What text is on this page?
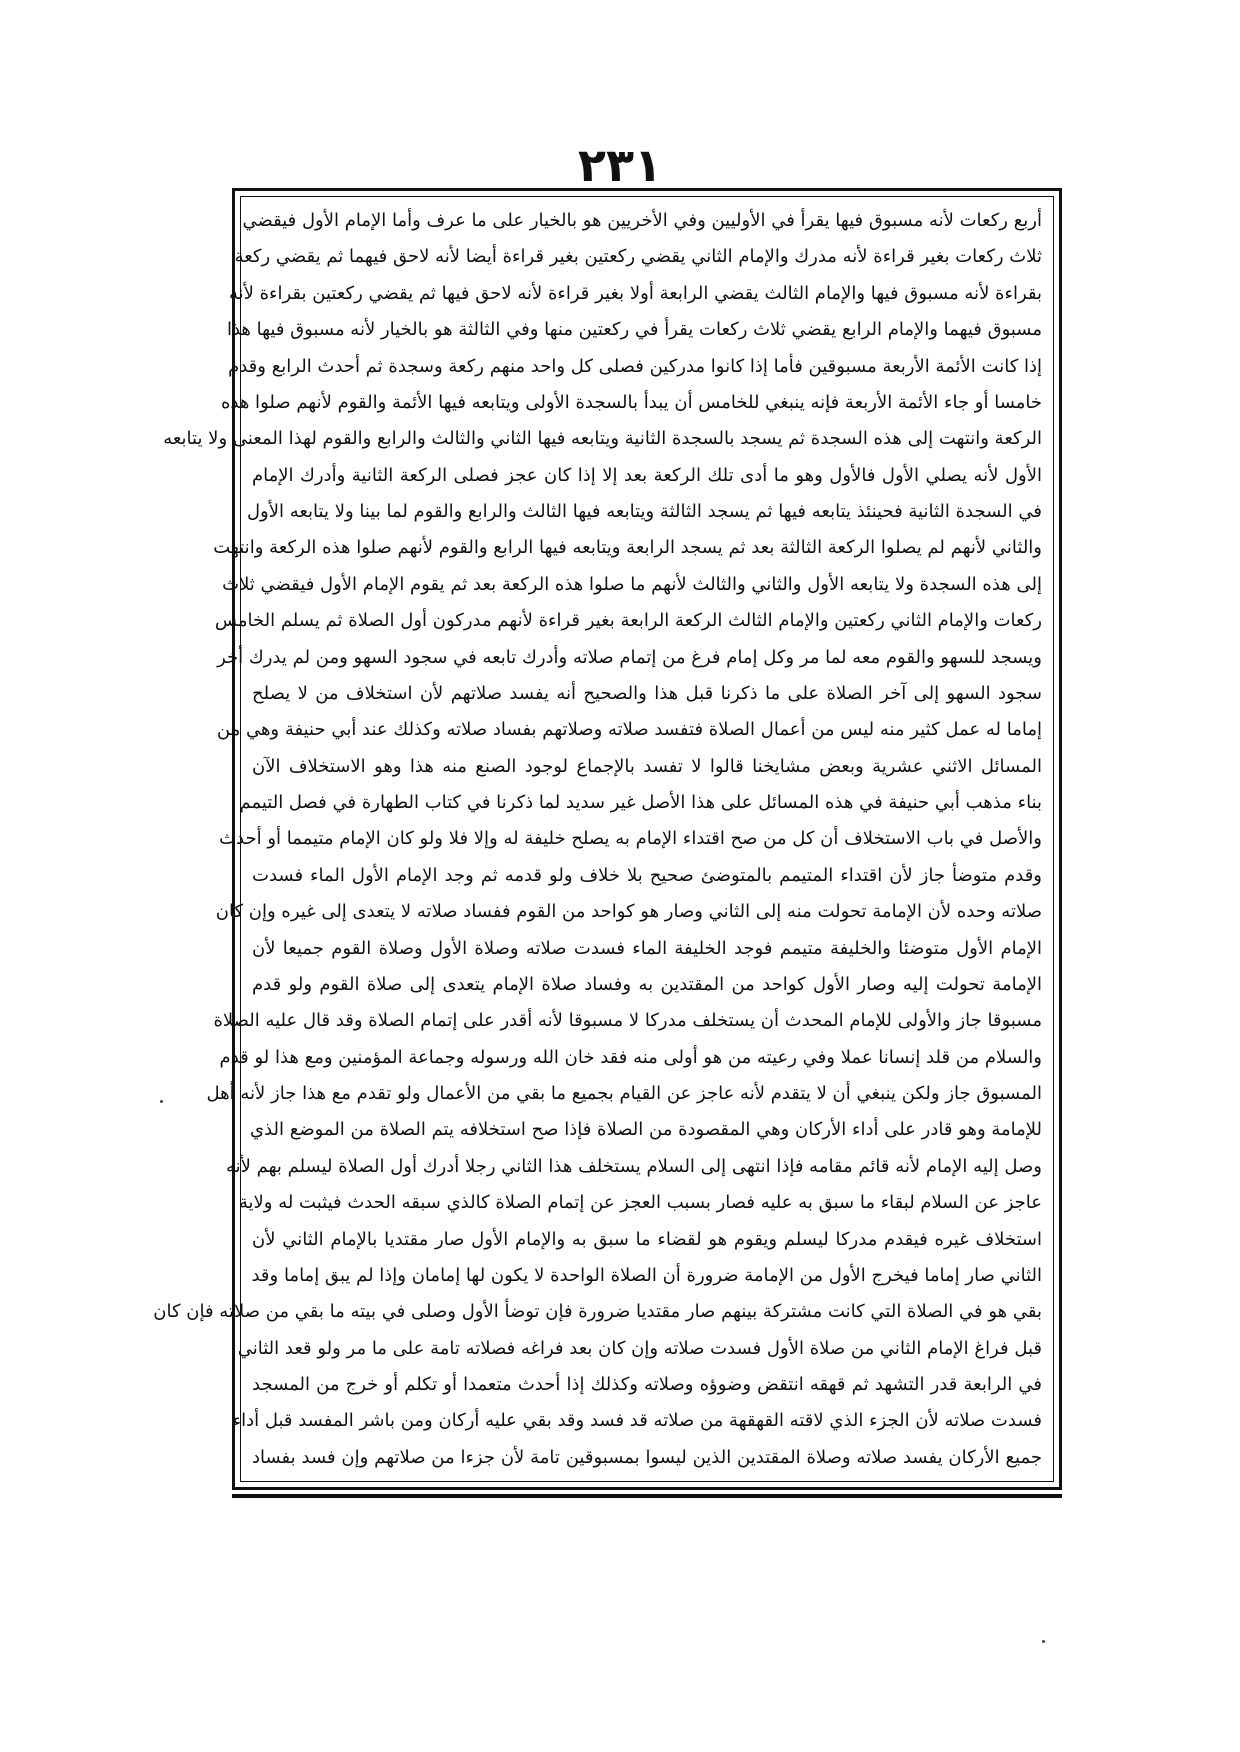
٢٣١
أربع ركعات لأنه مسبوق فيها يقرأ في الأوليين وفي الأخريين هو بالخيار على ما عرف وأما الإمام الأول فيقضي
ثلاث ركعات بغير قراءة لأنه مدرك والإمام الثاني يقضي ركعتين بغير قراءة أيضا لأنه لاحق فيهما ثم يقضي ركعة
بقراءة لأنه مسبوق فيها والإمام الثالث يقضي الرابعة أولا بغير قراءة لأنه لاحق فيها ثم يقضي ركعتين بقراءة لأنه
مسبوق فيهما والإمام الرابع يقضي ثلاث ركعات يقرأ في ركعتين منها وفي الثالثة هو بالخيار لأنه مسبوق فيها هذا
إذا كانت الأئمة الأربعة مسبوقين فأما إذا كانوا مدركين فصلى كل واحد منهم ركعة وسجدة ثم أحدث الرابع وقدم
خامسا أو جاء الأئمة الأربعة فإنه ينبغي للخامس أن يبدأ بالسجدة الأولى ويتابعه فيها الأئمة والقوم لأنهم صلوا هذه
الركعة وانتهت إلى هذه السجدة ثم يسجد بالسجدة الثانية ويتابعه فيها الثاني والثالث والرابع والقوم لهذا المعنى ولا يتابعه
الأول لأنه يصلي الأول فالأول وهو ما أدى تلك الركعة بعد إلا إذا كان عجز فصلى الركعة الثانية وأدرك الإمام
في السجدة الثانية فحينئذ يتابعه فيها ثم يسجد الثالثة ويتابعه فيها الثالث والرابع والقوم لما بينا ولا يتابعه الأول
والثاني لأنهم لم يصلوا الركعة الثالثة بعد ثم يسجد الرابعة ويتابعه فيها الرابع والقوم لأنهم صلوا هذه الركعة وانتهت
إلى هذه السجدة ولا يتابعه الأول والثاني والثالث لأنهم ما صلوا هذه الركعة بعد ثم يقوم الإمام الأول فيقضي ثلاث
ركعات والإمام الثاني ركعتين والإمام الثالث الركعة الرابعة بغير قراءة لأنهم مدركون أول الصلاة ثم يسلم الخامس
ويسجد للسهو والقوم معه لما مر وكل إمام فرغ من إتمام صلاته وأدرك تابعه في سجود السهو ومن لم يدرك أخر
سجود السهو إلى آخر الصلاة على ما ذكرنا قبل هذا والصحيح أنه يفسد صلاتهم لأن استخلاف من لا يصلح
إماما له عمل كثير منه ليس من أعمال الصلاة فتفسد صلاته وصلاتهم بفساد صلاته وكذلك عند أبي حنيفة وهي من
المسائل الاثني عشرية وبعض مشايخنا قالوا لا تفسد بالإجماع لوجود الصنع منه هذا وهو الاستخلاف الآن
بناء مذهب أبي حنيفة في هذه المسائل على هذا الأصل غير سديد لما ذكرنا في كتاب الطهارة في فصل التيمم
والأصل في باب الاستخلاف أن كل من صح اقتداء الإمام به يصلح خليفة له وإلا فلا ولو كان الإمام متيمما أو أحدث
وقدم متوضأ جاز لأن اقتداء المتيمم بالمتوضئ صحيح بلا خلاف ولو قدمه ثم وجد الإمام الأول الماء فسدت
صلاته وحده لأن الإمامة تحولت منه إلى الثاني وصار هو كواحد من القوم ففساد صلاته لا يتعدى إلى غيره وإن كان
الإمام الأول متوضئا والخليفة متيمم فوجد الخليفة الماء فسدت صلاته وصلاة الأول وصلاة القوم جميعا لأن
الإمامة تحولت إليه وصار الأول كواحد من المقتدين به وفساد صلاة الإمام يتعدى إلى صلاة القوم ولو قدم
مسبوقا جاز والأولى للإمام المحدث أن يستخلف مدركا لا مسبوقا لأنه أقدر على إتمام الصلاة وقد قال عليه الصلاة
والسلام من قلد إنسانا عملا وفي رعيته من هو أولى منه فقد خان الله ورسوله وجماعة المؤمنين ومع هذا لو قدم
المسبوق جاز ولكن ينبغي أن لا يتقدم لأنه عاجز عن القيام بجميع ما بقي من الأعمال ولو تقدم مع هذا جاز لأنه أهل
للإمامة وهو قادر على أداء الأركان وهي المقصودة من الصلاة فإذا صح استخلافه يتم الصلاة من الموضع الذي
وصل إليه الإمام لأنه قائم مقامه فإذا انتهى إلى السلام يستخلف هذا الثاني رجلا أدرك أول الصلاة ليسلم بهم لأنه
عاجز عن السلام لبقاء ما سبق به عليه فصار بسبب العجز عن إتمام الصلاة كالذي سبقه الحدث فيثبت له ولاية
استخلاف غيره فيقدم مدركا ليسلم ويقوم هو لقضاء ما سبق به والإمام الأول صار مقتديا بالإمام الثاني لأن
الثاني صار إماما فيخرج الأول من الإمامة ضرورة أن الصلاة الواحدة لا يكون لها إمامان وإذا لم يبق إماما وقد
بقي هو في الصلاة التي كانت مشتركة بينهم صار مقتديا ضرورة فإن توضأ الأول وصلى في بيته ما بقي من صلاته فإن كان
قبل فراغ الإمام الثاني من صلاة الأول فسدت صلاته وإن كان بعد فراغه فصلاته تامة على ما مر ولو قعد الثاني
في الرابعة قدر التشهد ثم قهقه انتقض وضوؤه وصلاته وكذلك إذا أحدث متعمدا أو تكلم أو خرج من المسجد
فسدت صلاته لأن الجزء الذي لاقته القهقهة من صلاته قد فسد وقد بقي عليه أركان ومن باشر المفسد قبل أداء
جميع الأركان يفسد صلاته وصلاة المقتدين الذين ليسوا بمسبوقين تامة لأن جزءا من صلاتهم وإن فسد بفساد
